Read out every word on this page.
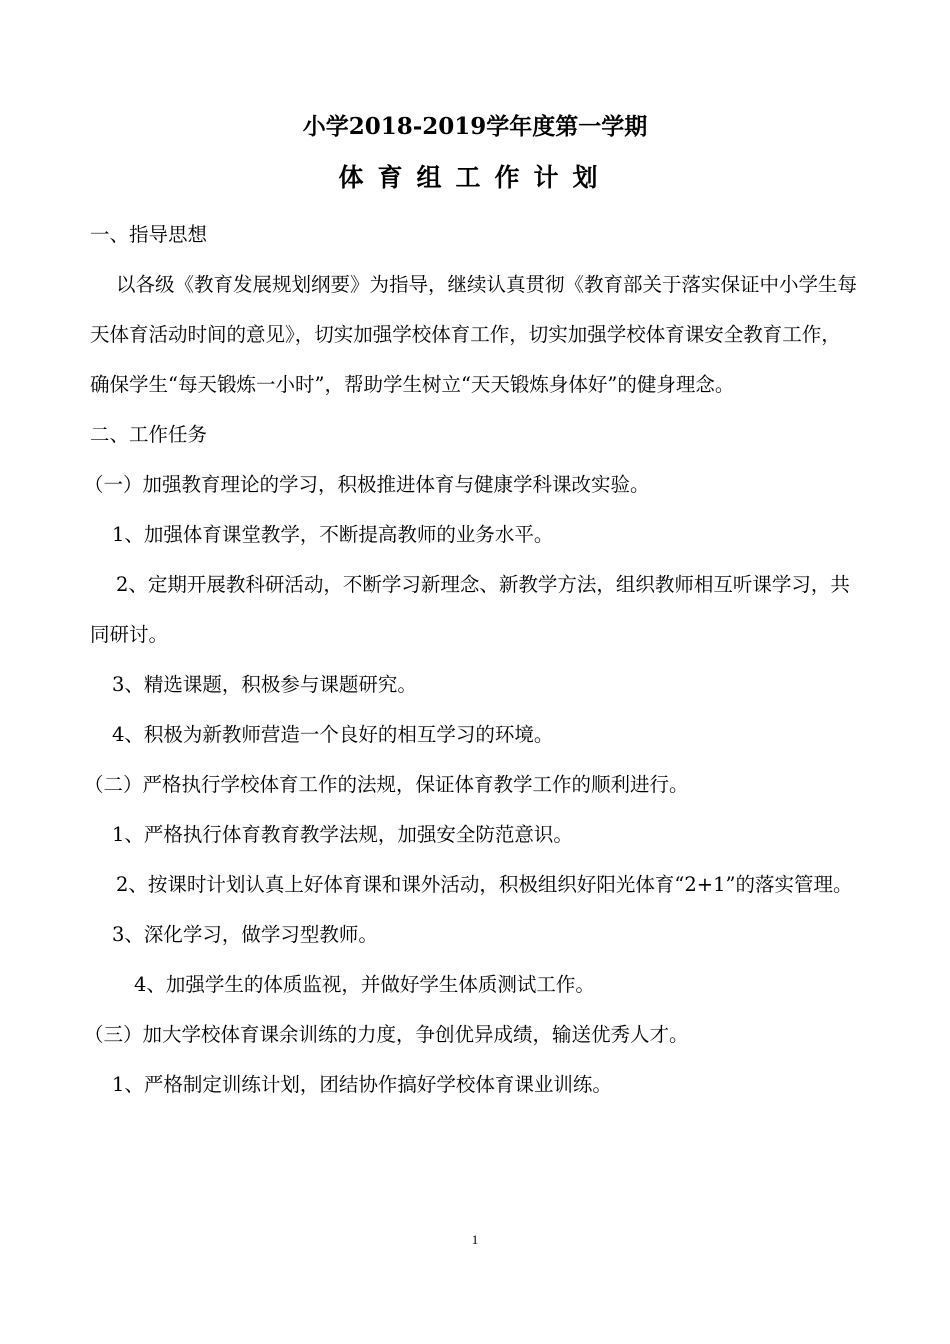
小学2018-2019学年度第一学期
体育组工作计划

一、指导思想

以各级《教育发展规划纲要》为指导，继续认真贯彻《教育部关于落实保证中小学生每天体育活动时间的意见》，切实加强学校体育工作，切实加强学校体育课安全教育工作，确保学生“每天锻炼一小时”，帮助学生树立“天天锻炼身体好”的健身理念。

二、工作任务

（一）加强教育理论的学习，积极推进体育与健康学科课改实验。

1、加强体育课堂教学，不断提高教师的业务水平。

2、定期开展教科研活动，不断学习新理念、新教学方法，组织教师相互听课学习，共同研讨。

3、精选课题，积极参与课题研究。

4、积极为新教师营造一个良好的相互学习的环境。

（二）严格执行学校体育工作的法规，保证体育教学工作的顺利进行。

1、严格执行体育教育教学法规，加强安全防范意识。

2、按课时计划认真上好体育课和课外活动，积极组织好阳光体育“2+1”的落实管理。

3、深化学习，做学习型教师。

4、加强学生的体质监视，并做好学生体质测试工作。

（三）加大学校体育课余训练的力度，争创优异成绩，输送优秀人才。

1、严格制定训练计划，团结协作搞好学校体育课业训练。

1
